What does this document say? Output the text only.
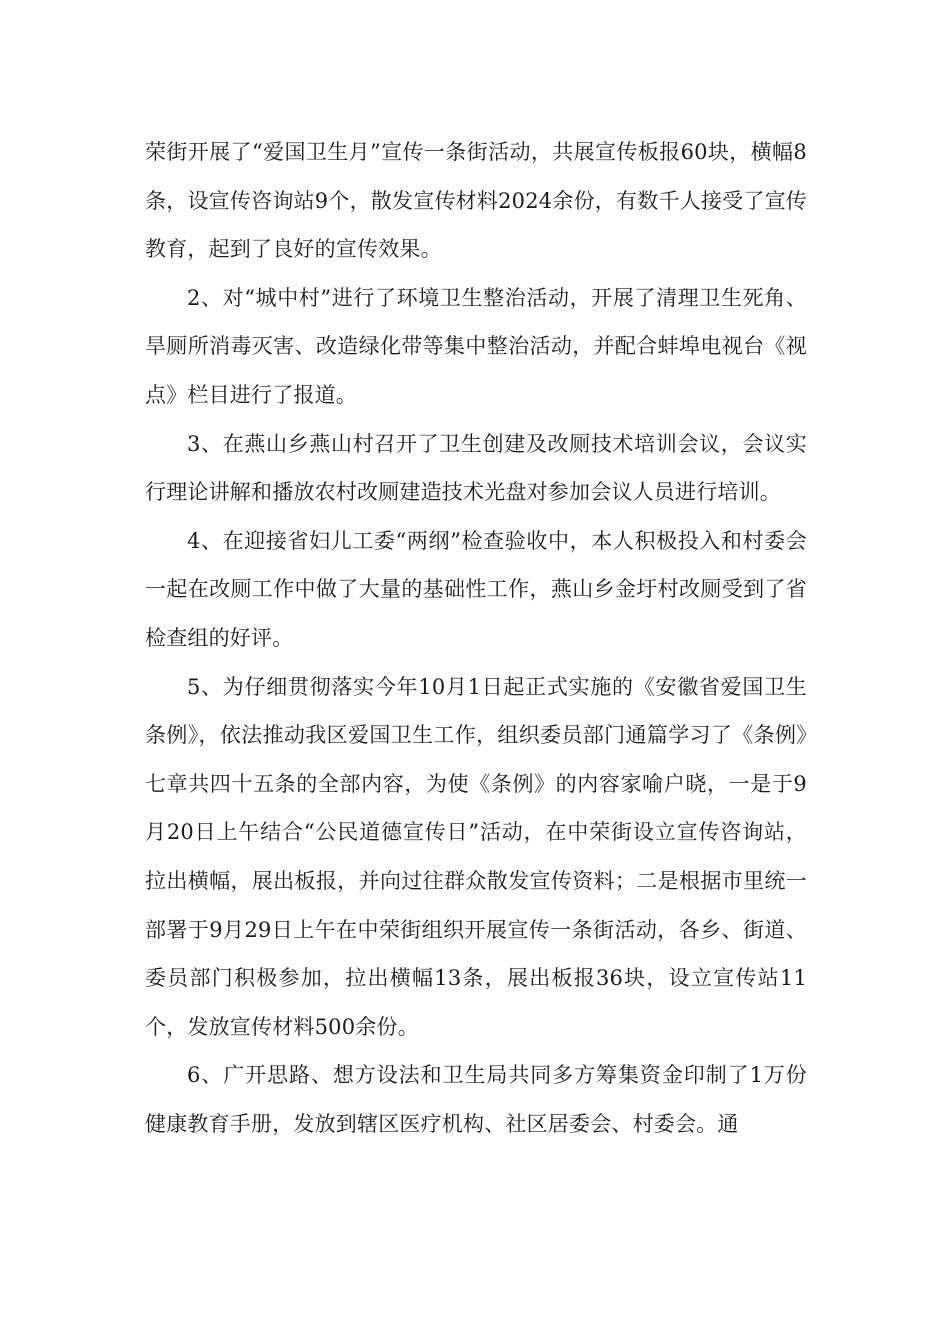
荣街开展了“爱国卫生月”宣传一条街活动，共展宣传板报60块，横幅8条，设宣传咨询站9个，散发宣传材料2024余份，有数千人接受了宣传教育，起到了良好的宣传效果。

2、对“城中村”进行了环境卫生整治活动，开展了清理卫生死角、旱厕所消毒灭害、改造绿化带等集中整治活动，并配合蚌埠电视台《视点》栏目进行了报道。

3、在燕山乡燕山村召开了卫生创建及改厕技术培训会议，会议实行理论讲解和播放农村改厕建造技术光盘对参加会议人员进行培训。

4、在迎接省妇儿工委“两纲”检查验收中，本人积极投入和村委会一起在改厕工作中做了大量的基础性工作，燕山乡金圩村改厕受到了省检查组的好评。

5、为仔细贯彻落实今年10月1日起正式实施的《安徽省爱国卫生条例》，依法推动我区爱国卫生工作，组织委员部门通篇学习了《条例》七章共四十五条的全部内容，为使《条例》的内容家喻户晓，一是于9月20日上午结合“公民道德宣传日”活动，在中荣街设立宣传咨询站，拉出横幅，展出板报，并向过往群众散发宣传资料；二是根据市里统一部署于9月29日上午在中荣街组织开展宣传一条街活动，各乡、街道、委员部门积极参加，拉出横幅13条，展出板报36块，设立宣传站11个，发放宣传材料500余份。

6、广开思路、想方设法和卫生局共同多方筹集资金印制了1万份健康教育手册，发放到辖区医疗机构、社区居委会、村委会。通
